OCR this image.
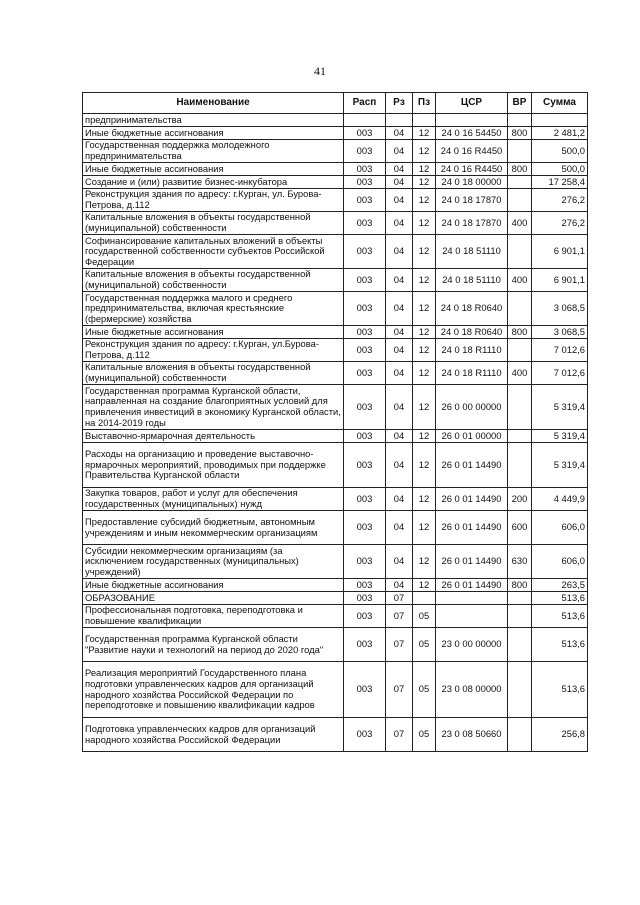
41
Наименование	Расп	Рз	Пз	ЦСР	ВР	Сумма
предпринимательства						
Иные бюджетные ассигнования	003	04	12	24 0 16 54450	800	2 481,2
Государственная поддержка молодежного предпринимательства	003	04	12	24 0 16 R4450		500,0
Иные бюджетные ассигнования	003	04	12	24 0 16 R4450	800	500,0
Создание и (или) развитие бизнес-инкубатора	003	04	12	24 0 18 00000		17 258,4
Реконструкция здания по адресу: г.Курган, ул. Бурова-Петрова, д.112	003	04	12	24 0 18 17870		276,2
Капитальные вложения в объекты государственной (муниципальной) собственности	003	04	12	24 0 18 17870	400	276,2
Софинансирование капитальных вложений в объекты государственной собственности субъектов Российской Федерации	003	04	12	24 0 18 51110		6 901,1
Капитальные вложения в объекты государственной (муниципальной) собственности	003	04	12	24 0 18 51110	400	6 901,1
Государственная поддержка малого и среднего предпринимательства, включая крестьянские (фермерские) хозяйства	003	04	12	24 0 18 R0640		3 068,5
Иные бюджетные ассигнования	003	04	12	24 0 18 R0640	800	3 068,5
Реконструкция здания по адресу: г.Курган, ул.Бурова-Петрова, д.112	003	04	12	24 0 18 R1110		7 012,6
Капитальные вложения в объекты государственной (муниципальной) собственности	003	04	12	24 0 18 R1110	400	7 012,6
Государственная программа Курганской области, направленная на создание благоприятных условий для привлечения инвестиций в экономику Курганской области, на 2014-2019 годы	003	04	12	26 0 00 00000		5 319,4
Выставочно-ярмарочная деятельность	003	04	12	26 0 01 00000		5 319,4
Расходы на организацию и проведение выставочно-ярмарочных мероприятий, проводимых при поддержке Правительства Курганской области	003	04	12	26 0 01 14490		5 319,4
Закупка товаров, работ и услуг для обеспечения государственных (муниципальных) нужд	003	04	12	26 0 01 14490	200	4 449,9
Предоставление субсидий бюджетным, автономным учреждениям и иным некоммерческим организациям	003	04	12	26 0 01 14490	600	606,0
Субсидии некоммерческим организациям (за исключением государственных (муниципальных) учреждений)	003	04	12	26 0 01 14490	630	606,0
Иные бюджетные ассигнования	003	04	12	26 0 01 14490	800	263,5
ОБРАЗОВАНИЕ	003	07				513,6
Профессиональная подготовка, переподготовка и повышение квалификации	003	07	05			513,6
Государственная программа Курганской области "Развитие науки и технологий на период до 2020 года"	003	07	05	23 0 00 00000		513,6
Реализация мероприятий Государственного плана подготовки управленческих кадров для организаций народного хозяйства Российской Федерации по переподготовке и повышению квалификации кадров	003	07	05	23 0 08 00000		513,6
Подготовка управленческих кадров для организаций народного хозяйства Российской Федерации	003	07	05	23 0 08 50660		256,8
